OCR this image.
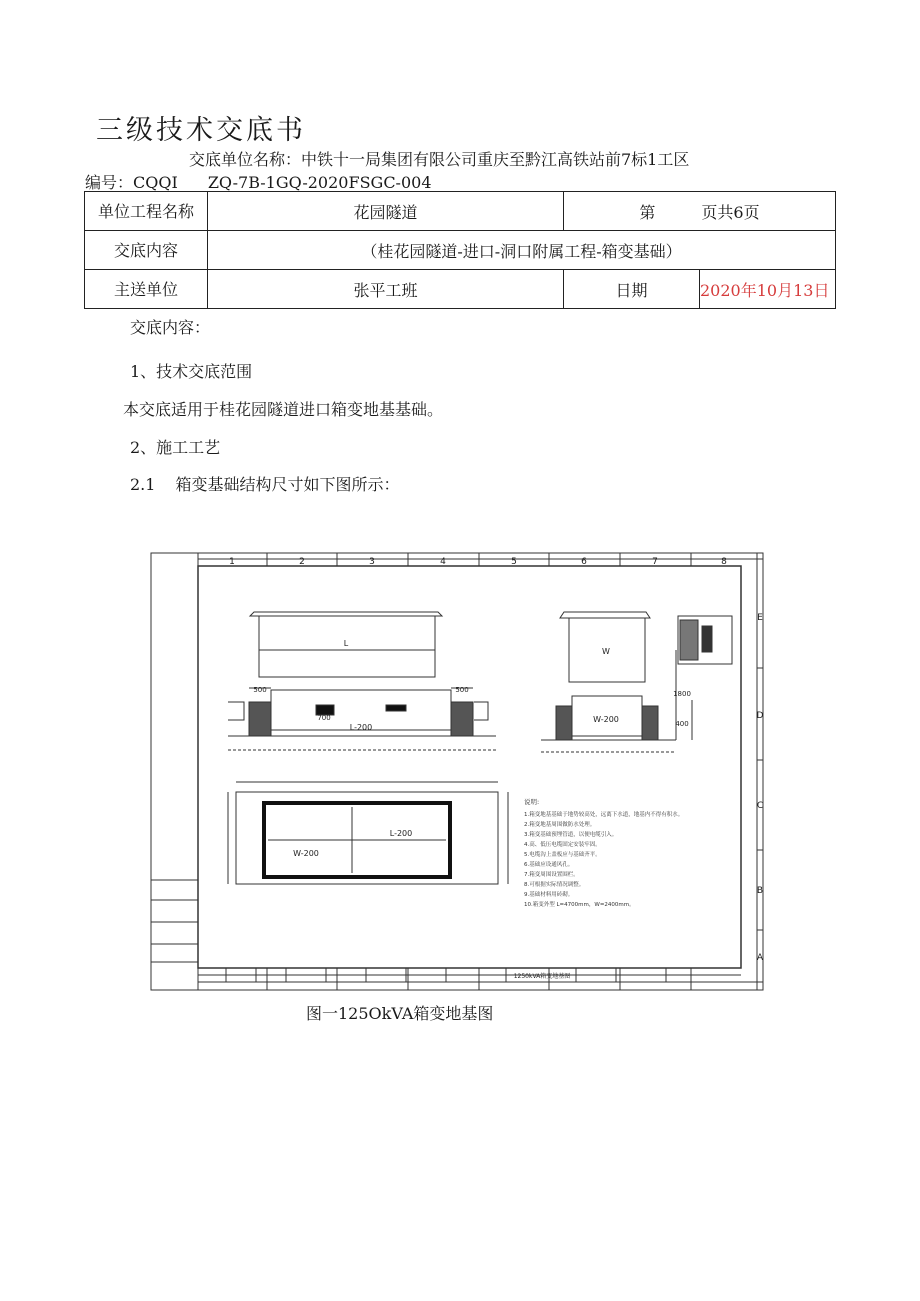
三级技术交底书
交底单位名称：中铁十一局集团有限公司重庆至黔江高铁站前7标1工区
编号：CQQI ZQ-7B-1GQ-2020FSGC-004
单位工程名称	花园隧道	第 页共6页	
交底内容	（桂花园隧道-进口-洞口附属工程-箱变基础）		
主送单位	张平工班	日期	2020年10月13日
交底内容：
1、技术交底范围
本交底适用于桂花园隧道进口箱变地基基础。
2、施工工艺
2.1 箱变基础结构尺寸如下图所示：
1	2	3	4	5	6	7	8
E
D
C
B
A
L
W
L-200
W-200
500	500	1800
400
700
L-200
W-200
1250kVA箱变地基图
说明:
1.箱变地基基础于地势较高处，远离下水道，地基内不得有积水。
2.箱变地基周围做防水处理。
3.箱变基础预埋管道，以便电缆引入。
4.高、低压电缆固定安装牢固。
5.电缆沟上盖板应与基础齐平。
6.基础应设通风孔。
7.箱变周围设置围栏。
8.可根据实际情况调整。
9.基础材料用砖砌。
10.箱变外型 L=4700mm，W=2400mm。
图一125OkVA箱变地基图
